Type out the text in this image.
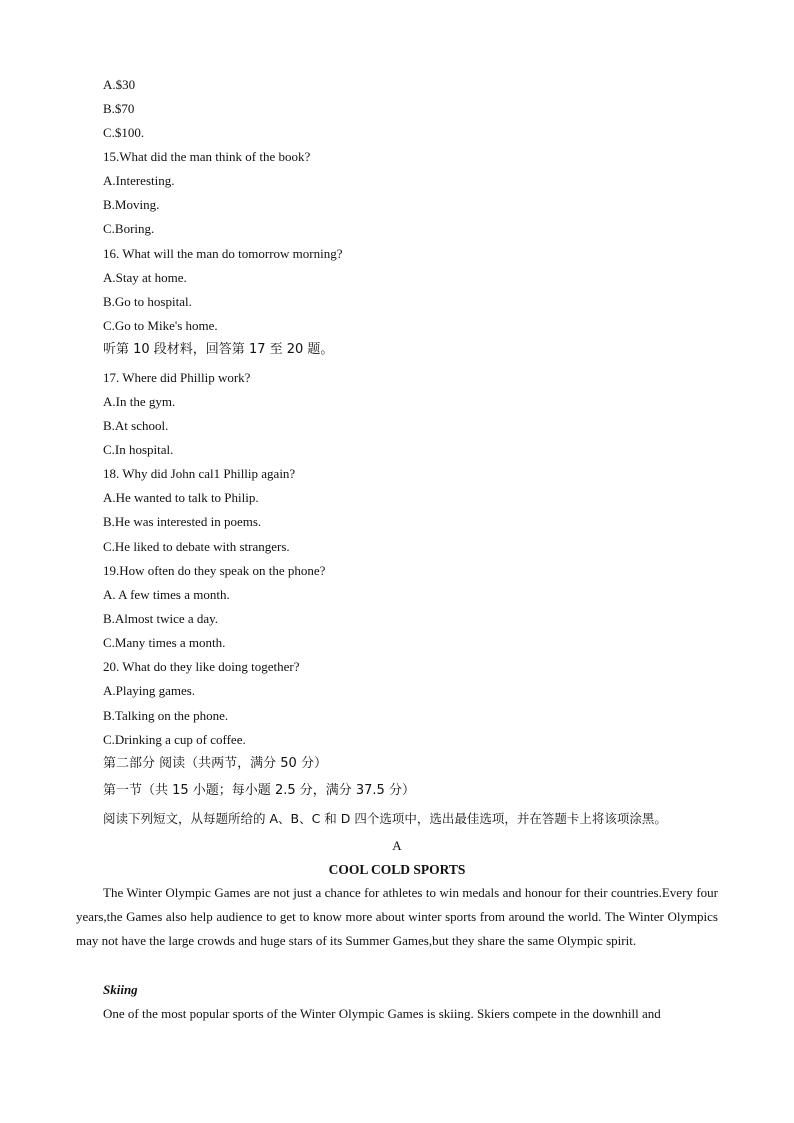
A.$30
B.$70
C.$100.
15.What did the man think of the book?
A.Interesting.
B.Moving.
C.Boring.
16. What will the man do tomorrow morning?
A.Stay at home.
B.Go to hospital.
C.Go to Mike's home.
听第 10 段材料，回答第 17 至 20 题。
17. Where did Phillip work?
A.In the gym.
B.At school.
C.In hospital.
18. Why did John cal1 Phillip again?
A.He wanted to talk to Philip.
B.He was interested in poems.
C.He liked to debate with strangers.
19.How often do they speak on the phone?
A. A few times a month.
B.Almost twice a day.
C.Many times a month.
20. What do they like doing together?
A.Playing games.
B.Talking on the phone.
C.Drinking a cup of coffee.
第二部分 阅读（共两节，满分 50 分）
第一节（共 15 小题；每小题 2.5 分，满分 37.5 分）
阅读下列短文，从每题所给的 A、B、C 和 D 四个选项中，选出最佳选项，并在答题卡上将该项涂黑。
A
COOL COLD SPORTS
The Winter Olympic Games are not just a chance for athletes to win medals and honour for their countries.Every four years,the Games also help audience to get to know more about winter sports from around the world. The Winter Olympics may not have the large crowds and huge stars of its Summer Games,but they share the same Olympic spirit.
Skiing
One of the most popular sports of the Winter Olympic Games is skiing. Skiers compete in the downhill and
